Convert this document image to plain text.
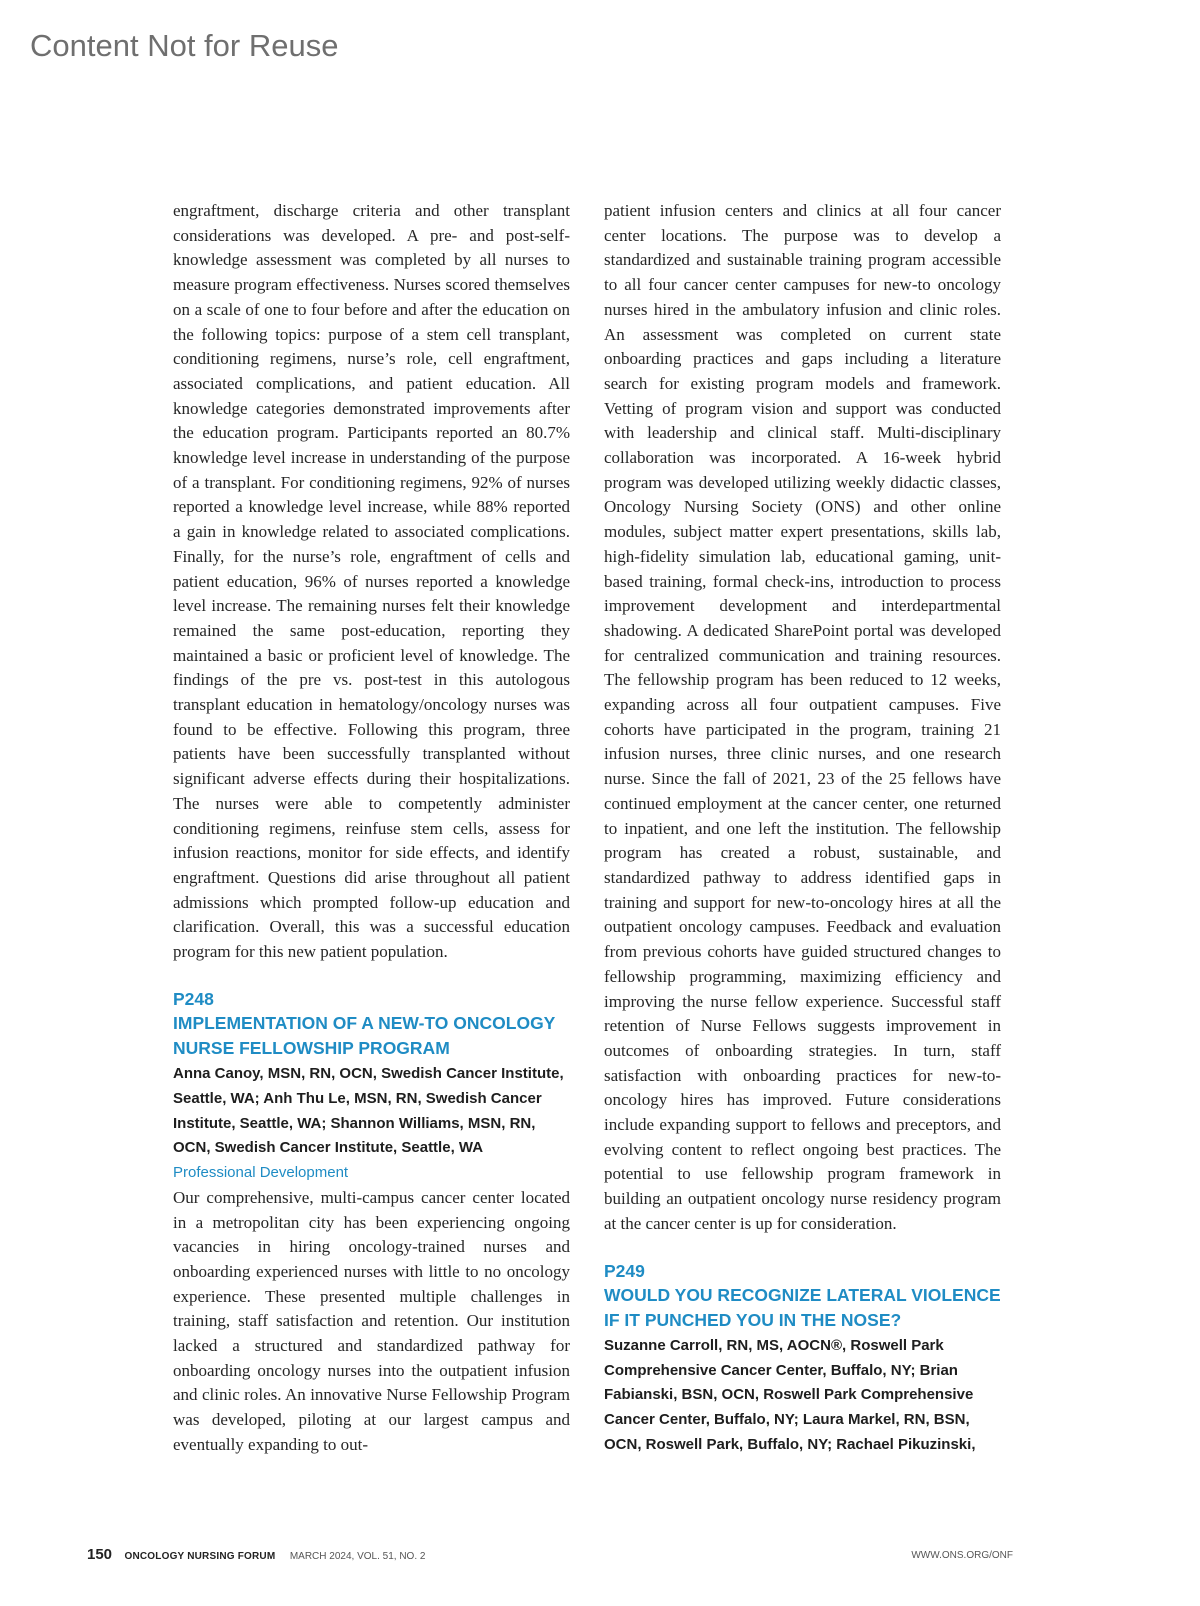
Content Not for Reuse

engraftment, discharge criteria and other transplant considerations was developed. A pre- and post-self-knowledge assessment was completed by all nurses to measure program effectiveness. Nurses scored themselves on a scale of one to four before and after the education on the following topics: purpose of a stem cell transplant, conditioning regimens, nurse’s role, cell engraftment, associated complications, and patient education. All knowledge categories demonstrated improvements after the education program. Participants reported an 80.7% knowledge level increase in understanding of the purpose of a transplant. For conditioning regimens, 92% of nurses reported a knowledge level increase, while 88% reported a gain in knowledge related to associated complications. Finally, for the nurse’s role, engraftment of cells and patient education, 96% of nurses reported a knowledge level increase. The remaining nurses felt their knowledge remained the same post-education, reporting they maintained a basic or proficient level of knowledge. The findings of the pre vs. post-test in this autologous transplant education in hematology/oncology nurses was found to be effective. Following this program, three patients have been successfully transplanted without significant adverse effects during their hospitalizations. The nurses were able to competently administer conditioning regimens, reinfuse stem cells, assess for infusion reactions, monitor for side effects, and identify engraftment. Questions did arise throughout all patient admissions which prompted follow-up education and clarification. Overall, this was a successful education program for this new patient population.

P248
IMPLEMENTATION OF A NEW-TO ONCOLOGY NURSE FELLOWSHIP PROGRAM
Anna Canoy, MSN, RN, OCN, Swedish Cancer Institute, Seattle, WA; Anh Thu Le, MSN, RN, Swedish Cancer Institute, Seattle, WA; Shannon Williams, MSN, RN, OCN, Swedish Cancer Institute, Seattle, WA
Professional Development

Our comprehensive, multi-campus cancer center located in a metropolitan city has been experiencing ongoing vacancies in hiring oncology-trained nurses and onboarding experienced nurses with little to no oncology experience. These presented multiple challenges in training, staff satisfaction and retention. Our institution lacked a structured and standardized pathway for onboarding oncology nurses into the outpatient infusion and clinic roles. An innovative Nurse Fellowship Program was developed, piloting at our largest campus and eventually expanding to out-

patient infusion centers and clinics at all four cancer center locations. The purpose was to develop a standardized and sustainable training program accessible to all four cancer center campuses for new-to oncology nurses hired in the ambulatory infusion and clinic roles. An assessment was completed on current state onboarding practices and gaps including a literature search for existing program models and framework. Vetting of program vision and support was conducted with leadership and clinical staff. Multi-disciplinary collaboration was incorporated. A 16-week hybrid program was developed utilizing weekly didactic classes, Oncology Nursing Society (ONS) and other online modules, subject matter expert presentations, skills lab, high-fidelity simulation lab, educational gaming, unit-based training, formal check-ins, introduction to process improvement development and interdepartmental shadowing. A dedicated SharePoint portal was developed for centralized communication and training resources. The fellowship program has been reduced to 12 weeks, expanding across all four outpatient campuses. Five cohorts have participated in the program, training 21 infusion nurses, three clinic nurses, and one research nurse. Since the fall of 2021, 23 of the 25 fellows have continued employment at the cancer center, one returned to inpatient, and one left the institution. The fellowship program has created a robust, sustainable, and standardized pathway to address identified gaps in training and support for new-to-oncology hires at all the outpatient oncology campuses. Feedback and evaluation from previous cohorts have guided structured changes to fellowship programming, maximizing efficiency and improving the nurse fellow experience. Successful staff retention of Nurse Fellows suggests improvement in outcomes of onboarding strategies. In turn, staff satisfaction with onboarding practices for new-to-oncology hires has improved. Future considerations include expanding support to fellows and preceptors, and evolving content to reflect ongoing best practices. The potential to use fellowship program framework in building an outpatient oncology nurse residency program at the cancer center is up for consideration.

P249
WOULD YOU RECOGNIZE LATERAL VIOLENCE IF IT PUNCHED YOU IN THE NOSE?
Suzanne Carroll, RN, MS, AOCN®, Roswell Park Comprehensive Cancer Center, Buffalo, NY; Brian Fabianski, BSN, OCN, Roswell Park Comprehensive Cancer Center, Buffalo, NY; Laura Markel, RN, BSN, OCN, Roswell Park, Buffalo, NY; Rachael Pikuzinski,
150 ONCOLOGY NURSING FORUM MARCH 2024, VOL. 51, NO. 2	WWW.ONS.ORG/ONF
